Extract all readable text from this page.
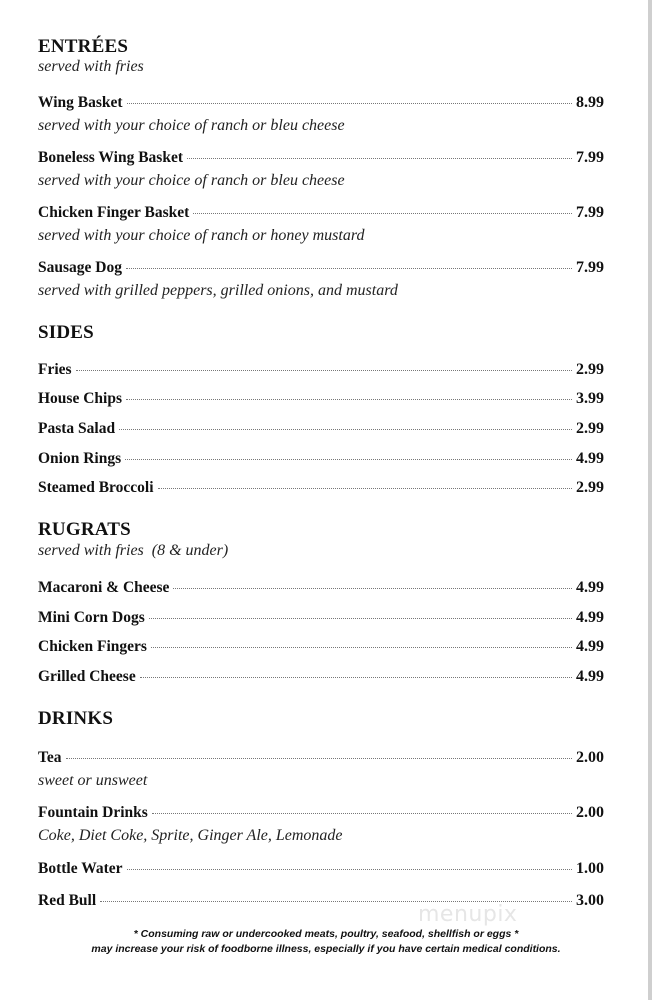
ENTRÉES
served with fries
Wing Basket	8.99
served with your choice of ranch or bleu cheese
Boneless Wing Basket	7.99
served with your choice of ranch or bleu cheese
Chicken Finger Basket	7.99
served with your choice of ranch or honey mustard
Sausage Dog	7.99
served with grilled peppers, grilled onions, and mustard
SIDES
Fries	2.99
House Chips	3.99
Pasta Salad	2.99
Onion Rings	4.99
Steamed Broccoli	2.99
RUGRATS
served with fries  (8 & under)
Macaroni & Cheese	4.99
Mini Corn Dogs	4.99
Chicken Fingers	4.99
Grilled Cheese	4.99
DRINKS
Tea	2.00
sweet or unsweet
Fountain Drinks	2.00
Coke, Diet Coke, Sprite, Ginger Ale, Lemonade
Bottle Water	1.00
Red Bull	3.00
menupix
* Consuming raw or undercooked meats, poultry, seafood, shellfish or eggs *
may increase your risk of foodborne illness, especially if you have certain medical conditions.
